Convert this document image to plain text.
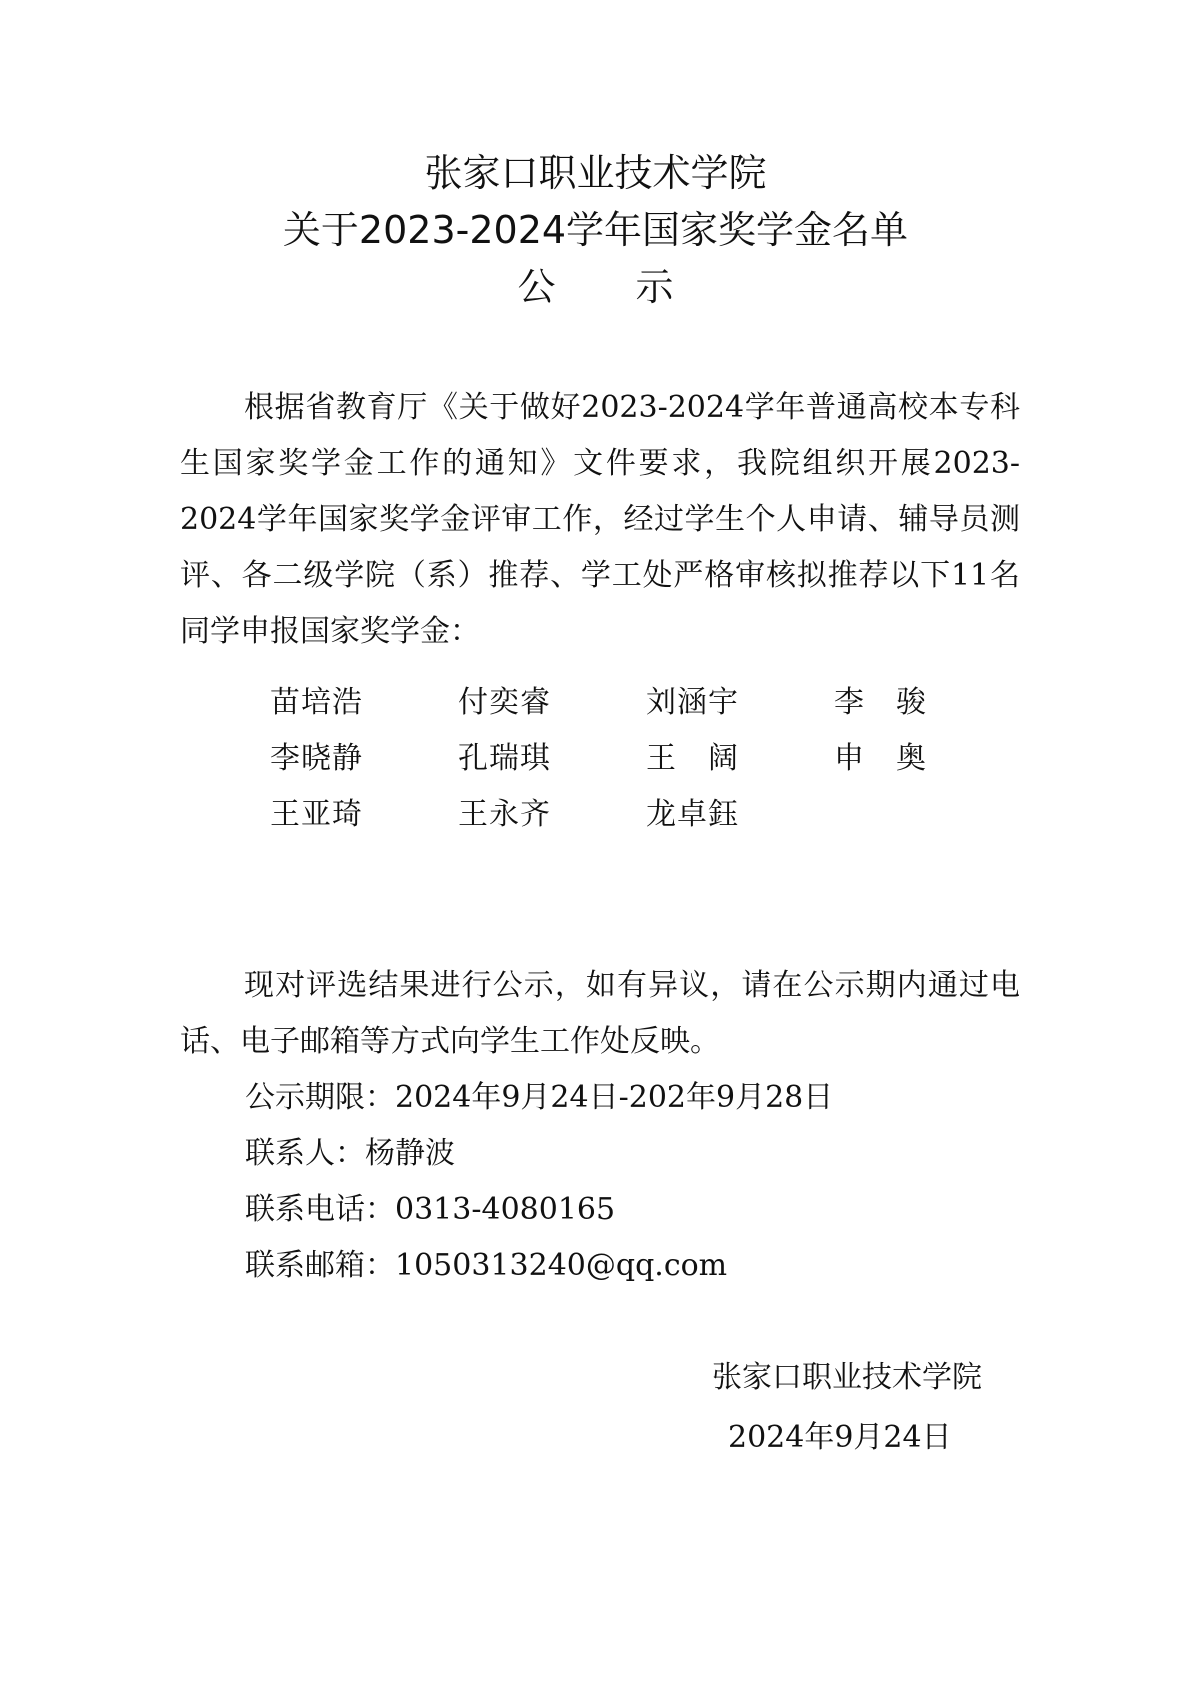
张家口职业技术学院
关于2023-2024学年国家奖学金名单
公示

根据省教育厅《关于做好2023-2024学年普通高校本专科生国家奖学金工作的通知》文件要求，我院组织开展2023-2024学年国家奖学金评审工作，经过学生个人申请、辅导员测评、各二级学院（系）推荐、学工处严格审核拟推荐以下11名同学申报国家奖学金：

苗培浩	付奕睿	刘涵宇	李　骏
李晓静	孔瑞琪	王　阔	申　奥
王亚琦	王永齐	龙卓鈺

现对评选结果进行公示，如有异议，请在公示期内通过电话、电子邮箱等方式向学生工作处反映。

公示期限：2024年9月24日-202年9月28日
联系人：杨静波
联系电话：0313-4080165
联系邮箱：1050313240@qq.com
张家口职业技术学院
2024年9月24日
